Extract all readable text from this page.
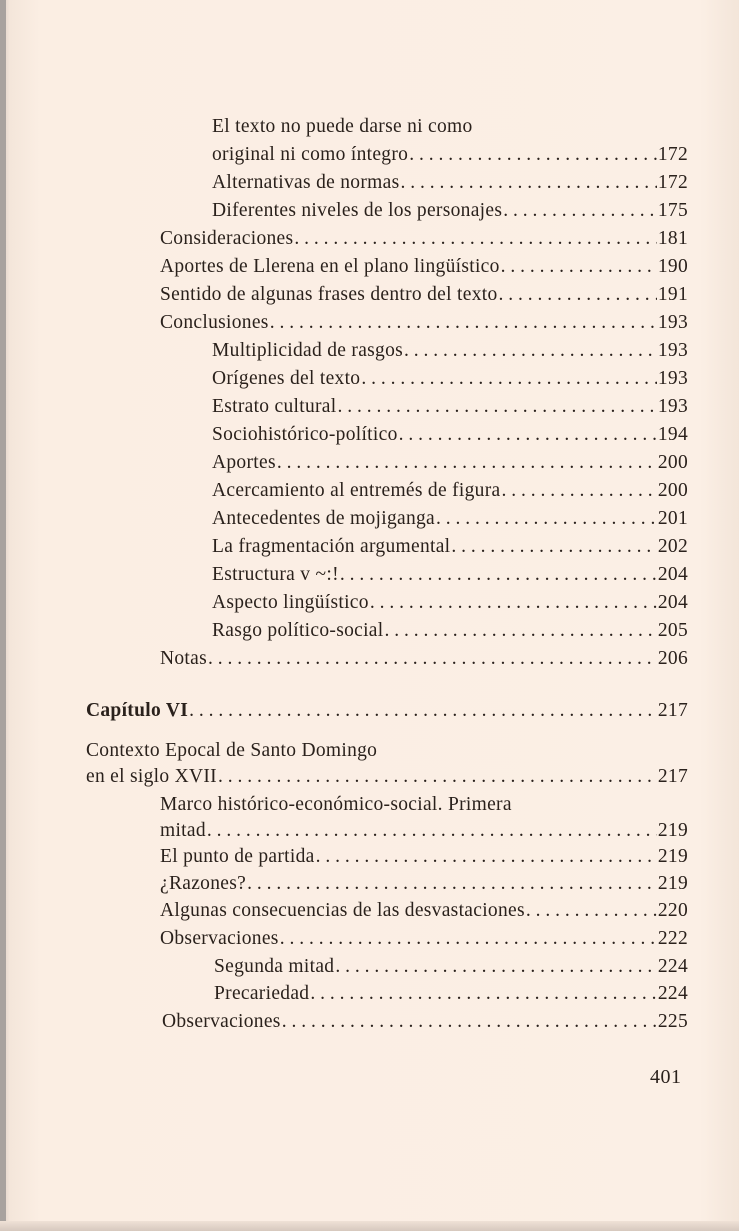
El texto no puede darse ni como
original ni como íntegro . . .	172
Alternativas de normas . . .	172
Diferentes niveles de los personajes . . .	175
Consideraciones . . .	181
Aportes de Llerena en el plano lingüístico . . .	190
Sentido de algunas frases dentro del texto . . .	191
Conclusiones . . .	193
Multiplicidad de rasgos . . .	193
Orígenes del texto . . .	193
Estrato cultural . . .	193
Sociohistórico-político . . .	194
Aportes . . .	200
Acercamiento al entremés de figura . . .	200
Antecedentes de mojiganga . . .	201
La fragmentación argumental . . .	202
Estructura v ~:! . . .	204
Aspecto lingüístico . . .	204
Rasgo político-social . . .	205
Notas . . .	206
Capítulo VI . . .	217
Contexto Epocal de Santo Domingo
en el siglo XVII . . .	217
Marco histórico-económico-social. Primera
mitad . . .	219
El punto de partida . . .	219
¿Razones? . . .	219
Algunas consecuencias de las desvastaciones . . .	220
Observaciones . . .	222
Segunda mitad . . .	224
Precariedad . . .	224
Observaciones . . .	225
401
